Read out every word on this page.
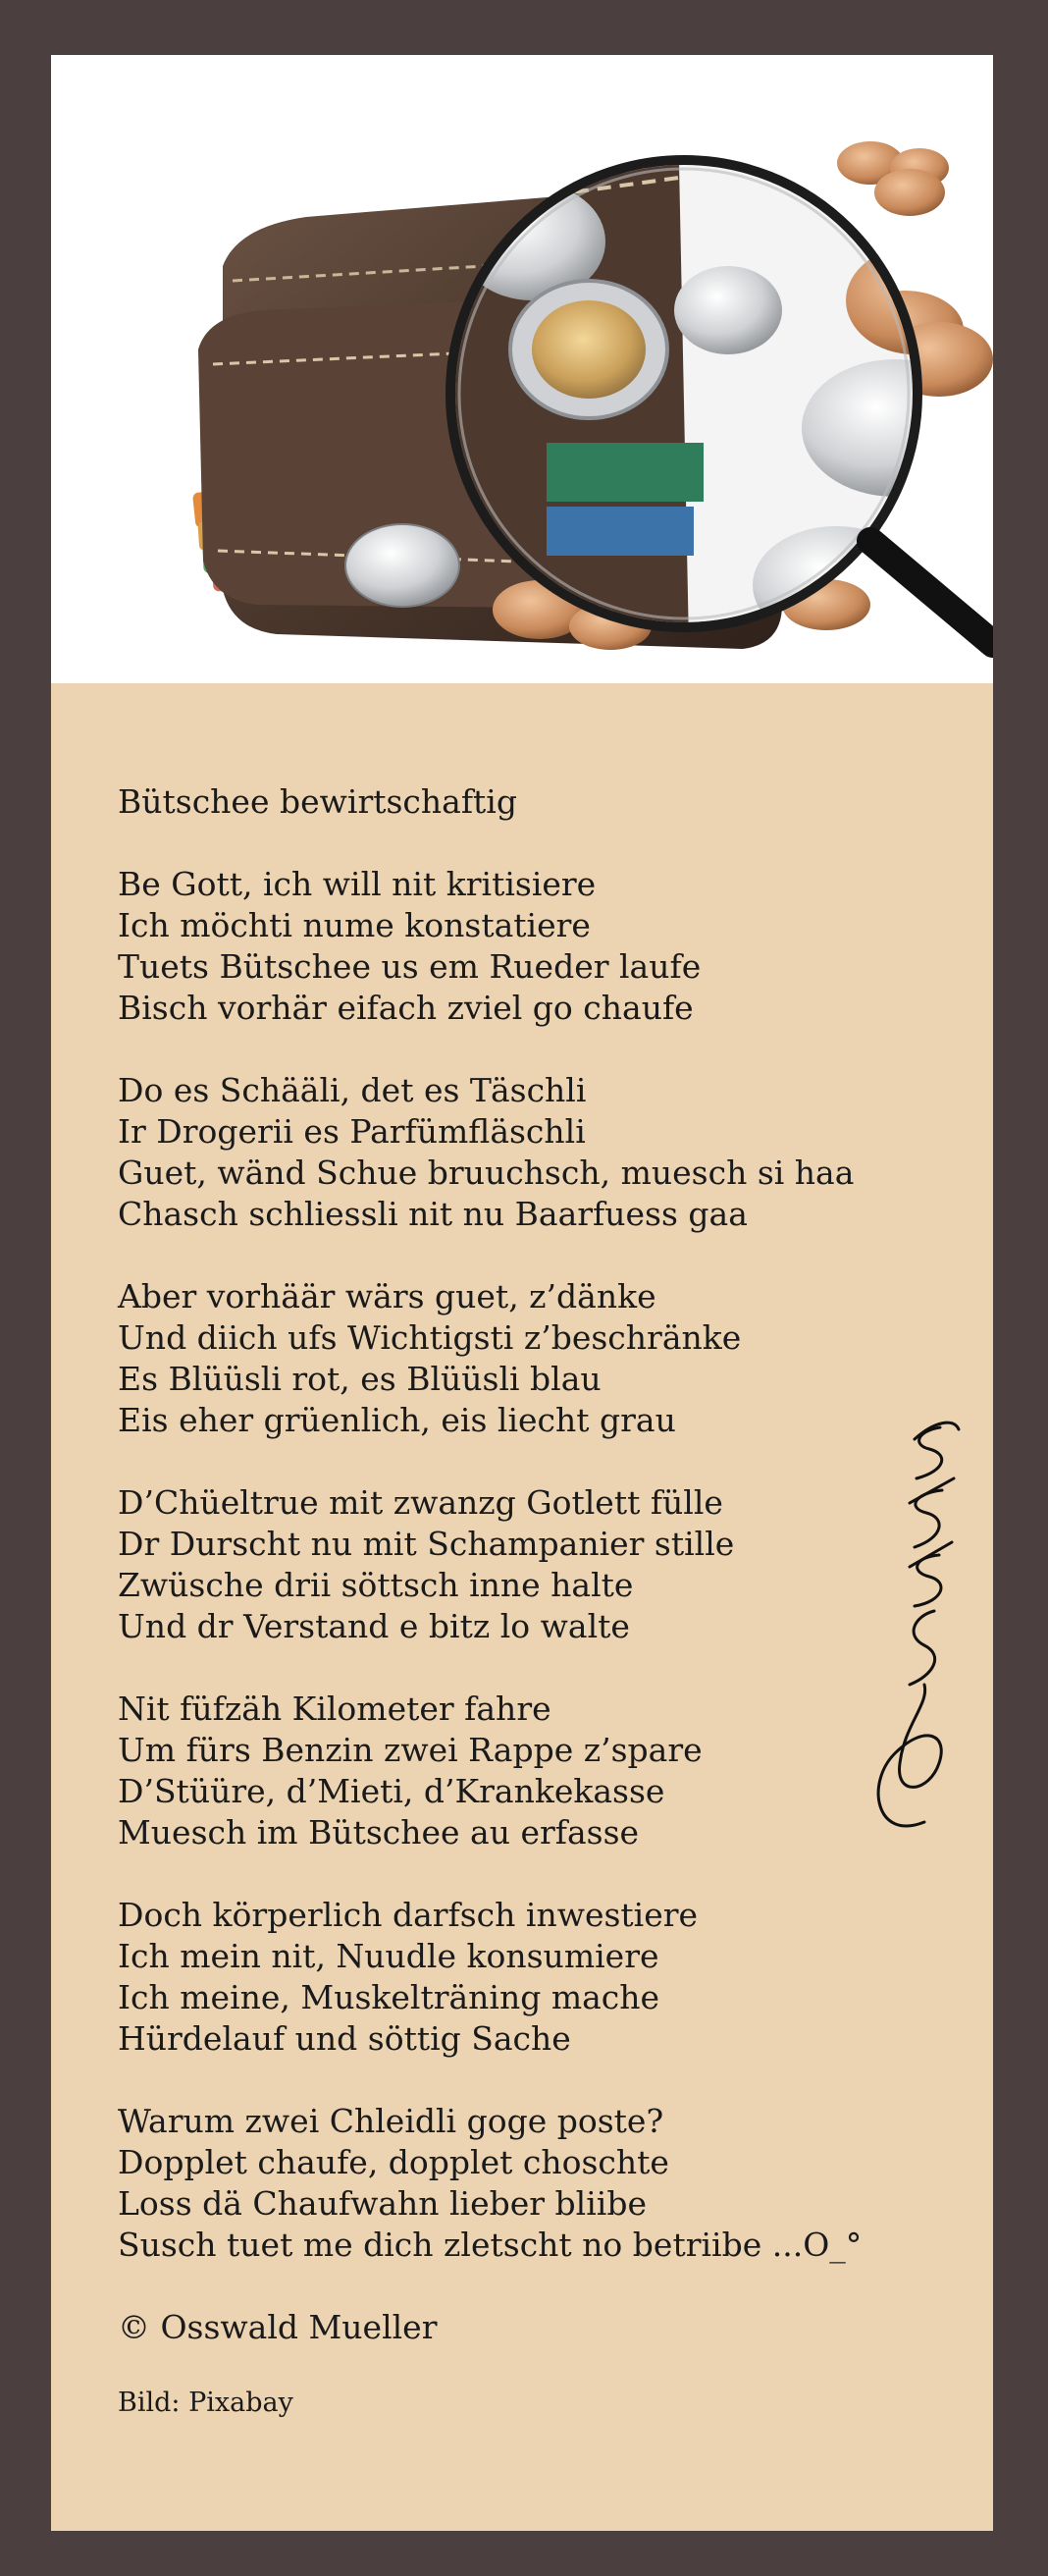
Bütschee bewirtschaftig
Be Gott, ich will nit kritisiere
Ich möchti nume konstatiere
Tuets Bütschee us em Rueder laufe
Bisch vorhär eifach zviel go chaufe
Do es Schääli, det es Täschli
Ir Drogerii es Parfümfläschli
Guet, wänd Schue bruuchsch, muesch si haa
Chasch schliessli nit nu Baarfuess gaa
Aber vorhäär wärs guet, z’dänke
Und diich ufs Wichtigsti z’beschränke
Es Blüüsli rot, es Blüüsli blau
Eis eher grüenlich, eis liecht grau
D’Chüeltrue mit zwanzg Gotlett fülle
Dr Durscht nu mit Schampanier stille
Zwüsche drii söttsch inne halte
Und dr Verstand e bitz lo walte
Nit füfzäh Kilometer fahre
Um fürs Benzin zwei Rappe z’spare
D’Stüüre, d’Mieti, d’Krankekasse
Muesch im Bütschee au erfasse
Doch körperlich darfsch inwestiere
Ich mein nit, Nuudle konsumiere
Ich meine, Muskelträning mache
Hürdelauf und söttig Sache
Warum zwei Chleidli goge poste?
Dopplet chaufe, dopplet choschte
Loss dä Chaufwahn lieber bliibe
Susch tuet me dich zletscht no betriibe ...O_°
© Osswald Mueller
Bild: Pixabay
